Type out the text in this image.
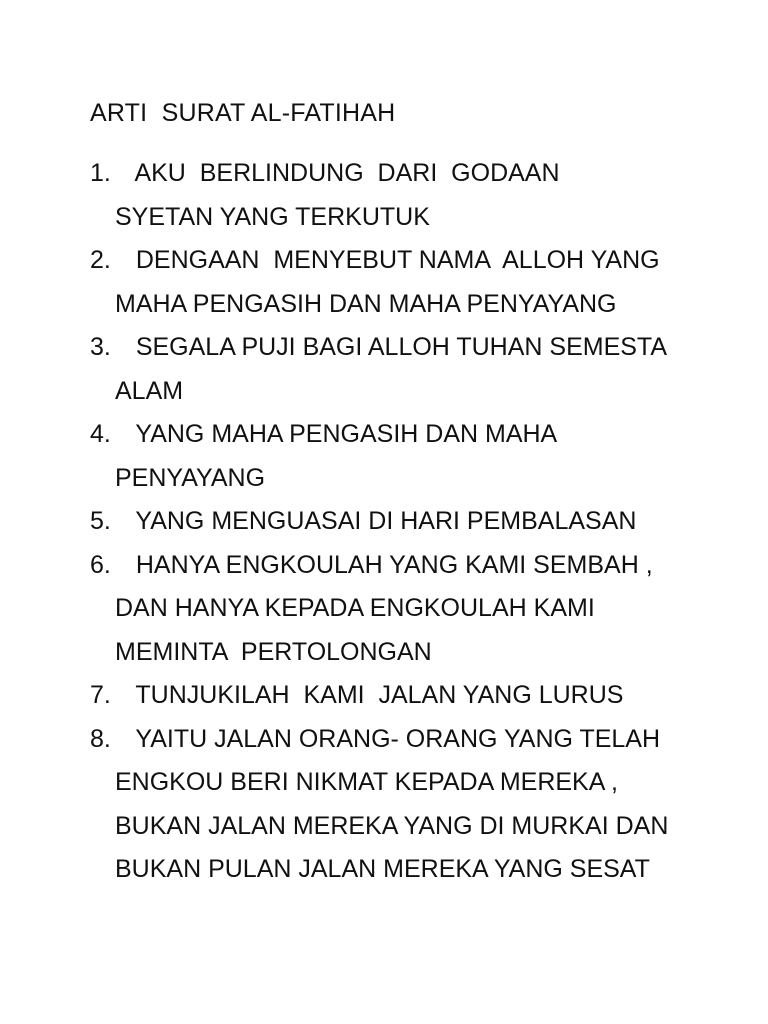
ARTI  SURAT AL-FATIHAH
1. AKU  BERLINDUNG  DARI  GODAAN
SYETAN YANG TERKUTUK
2. DENGAAN  MENYEBUT NAMA  ALLOH YANG
MAHA PENGASIH DAN MAHA PENYAYANG
3. SEGALA PUJI BAGI ALLOH TUHAN SEMESTA
ALAM
4. YANG MAHA PENGASIH DAN MAHA
PENYAYANG
5. YANG MENGUASAI DI HARI PEMBALASAN
6. HANYA ENGKOULAH YANG KAMI SEMBAH ,
DAN HANYA KEPADA ENGKOULAH KAMI
MEMINTA  PERTOLONGAN
7. TUNJUKILAH  KAMI  JALAN YANG LURUS
8. YAITU JALAN ORANG- ORANG YANG TELAH
ENGKOU BERI NIKMAT KEPADA MEREKA ,
BUKAN JALAN MEREKA YANG DI MURKAI DAN
BUKAN PULAN JALAN MEREKA YANG SESAT
